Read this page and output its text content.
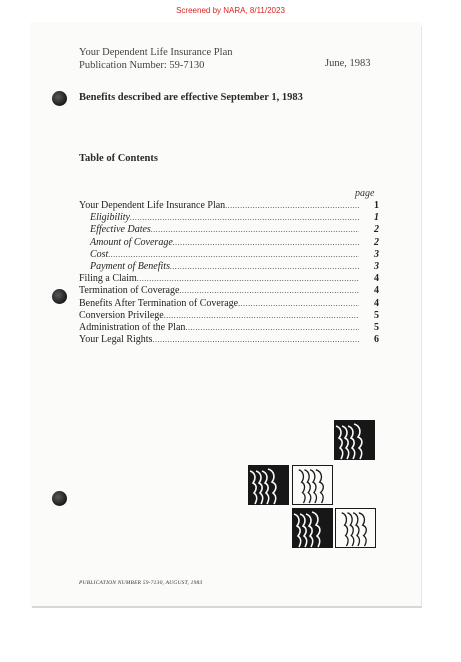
Screened by NARA, 8/11/2023
Your Dependent Life Insurance Plan
Publication Number: 59-7130	June, 1983
Benefits described are effective September 1, 1983
Table of Contents
page
Your Dependent Life Insurance Plan .....	1
Eligibility .....	1
Effective Dates .....	2
Amount of Coverage .....	2
Cost .....	3
Payment of Benefits .....	3
Filing a Claim .....	4
Termination of Coverage .....	4
Benefits After Termination of Coverage .....	4
Conversion Privilege .....	5
Administration of the Plan .....	5
Your Legal Rights .....	6
PUBLICATION NUMBER 59-7130, AUGUST, 1983
